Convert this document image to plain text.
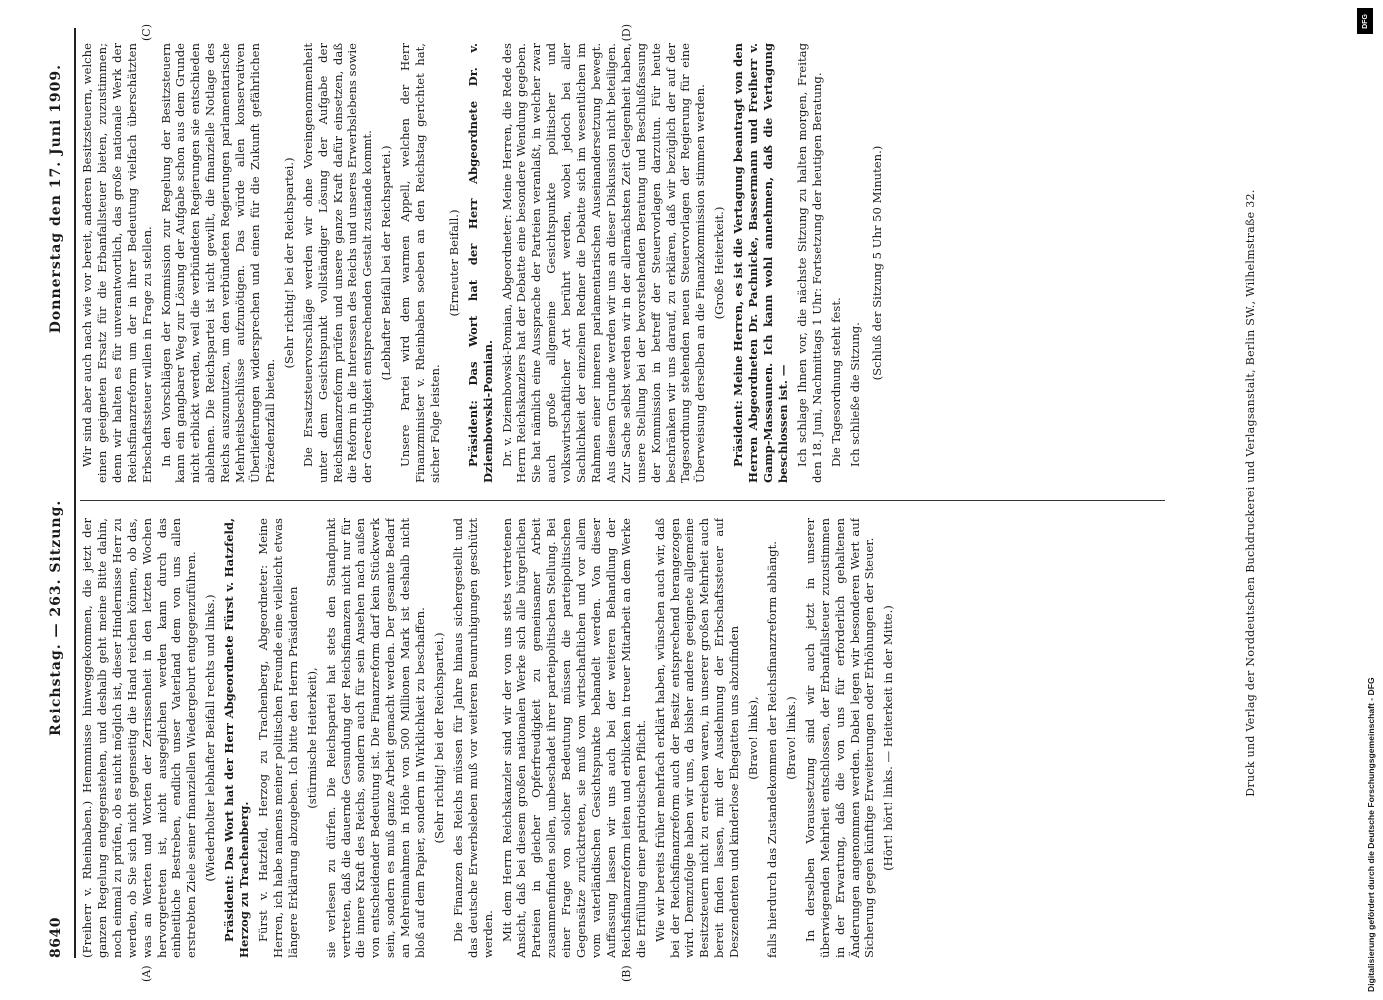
8640
Reichstag. — 263. Sitzung.
Donnerstag den 17. Juni 1909.
(A)	(B)

(Freiherr v. Rheinbaben.) Hemmnisse hinweggekommen, die jetzt der ganzen Regelung entgegenstehen, und deshalb geht meine Bitte dahin, noch einmal zu prüfen, ob es nicht möglich ist, dieser Hindernisse Herr zu werden, ob Sie sich nicht gegenseitig die Hand reichen können, ob das, was an Werten und Worten der Zerrissenheit in den letzten Wochen hervorgetreten ist, nicht ausgeglichen werden kann durch das einheitliche Bestreben, endlich unser Vaterland dem von uns allen erstrebten Ziele seiner finanziellen Wiedergeburt entgegenzuführen. (Wiederholter lebhafter Beifall rechts und links.) Präsident: Das Wort hat der Herr Abgeordnete Fürst v. Hatzfeld, Herzog zu Trachenberg. Fürst v. Hatzfeld, Herzog zu Trachenberg, Abgeordneter: Meine Herren, ich habe namens meiner politischen Freunde eine vielleicht etwas längere Erklärung abzugeben. Ich bitte den Herrn Präsidenten (stürmische Heiterkeit), sie verlesen zu dürfen. Die Reichspartei hat stets den Standpunkt vertreten, daß die dauernde Gesundung der Reichsfinanzen nicht nur für die innere Kraft des Reichs, sondern auch für sein Ansehen nach außen von entscheidender Bedeutung ist. Die Finanzreform darf kein Stückwerk sein, sondern es muß ganze Arbeit gemacht werden. Der gesamte Bedarf an Mehreinnahmen in Höhe von 500 Millionen Mark ist deshalb nicht bloß auf dem Papier, sondern in Wirklichkeit zu beschaffen. (Sehr richtig! bei der Reichspartei.) Die Finanzen des Reichs müssen für Jahre hinaus sichergestellt und das deutsche Erwerbsleben muß vor weiteren Beunruhigungen geschützt werden. Mit dem Herrn Reichskanzler sind wir der von uns stets vertretenen Ansicht, daß bei diesem großen nationalen Werke sich alle bürgerlichen Parteien in gleicher Opferfreudigkeit zu gemeinsamer Arbeit zusammenfinden sollen, unbeschadet ihrer parteipolitischen Stellung. Bei einer Frage von solcher Bedeutung müssen die parteipolitischen Gegensätze zurücktreten, sie muß vom wirtschaftlichen und vor allem vom vaterländischen Gesichtspunkte behandelt werden. Von dieser Auffassung lassen wir uns auch bei der weiteren Behandlung der Reichsfinanzreform leiten und erblicken in treuer Mitarbeit an dem Werke die Erfüllung einer patriotischen Pflicht. Wie wir bereits früher mehrfach erklärt haben, wünschen auch wir, daß bei der Reichsfinanzreform auch der Besitz entsprechend herangezogen wird. Demzufolge haben wir uns, da bisher andere geeignete allgemeine Besitzsteuern nicht zu erreichen waren, in unserer großen Mehrheit auch bereit finden lassen, mit der Ausdehnung der Erbschaftssteuer auf Deszendenten und kinderlose Ehegatten uns abzufinden (Bravo! links), falls hierdurch das Zustandekommen der Reichsfinanzreform abhängt. (Bravo! links.) In derselben Voraussetzung sind wir auch jetzt in unserer überwiegenden Mehrheit entschlossen, der Erbanfallsteuer zuzustimmen in der Erwartung, daß die von uns für erforderlich gehaltenen Änderungen angenommen werden. Dabei legen wir besonderen Wert auf Sicherung gegen künftige Erweiterungen oder Erhöhungen der Steuer. (Hört! hört! links. — Heiterkeit in der Mitte.)

Wir sind aber auch nach wie vor bereit, anderen Besitzsteuern, welche einen geeigneten Ersatz für die Erbanfallsteuer bieten, zuzustimmen; denn wir halten es für unverantwortlich, das große nationale Werk der Reichsfinanzreform um der in ihrer Bedeutung vielfach überschätzten Erbschaftssteuer willen in Frage zu stellen. In den Vorschlägen der Kommission zur Regelung der Besitzsteuern kann ein gangbarer Weg zur Lösung der Aufgabe schon aus dem Grunde nicht erblickt werden, weil die verbündeten Regierungen sie entschieden ablehnen. Die Reichspartei ist nicht gewillt, die finanzielle Notlage des Reichs auszunutzen, um den verbündeten Regierungen parlamentarische Mehrheitsbeschlüsse aufzunötigen. Das würde allen konservativen Überlieferungen widersprechen und einen für die Zukunft gefährlichen Präzedenzfall bieten.

(Sehr richtig! bei der Reichspartei.) Die Ersatzsteuervorschläge werden wir ohne Voreingenommenheit unter dem Gesichtspunkt vollständiger Lösung der Aufgabe der Reichsfinanzreform prüfen und unsere ganze Kraft dafür einsetzen, daß die Reform in die Interessen des Reichs und unseres Erwerbslebens sowie der Gerechtigkeit entsprechenden Gestalt zustande kommt. (Lebhafter Beifall bei der Reichspartei.) Unsere Partei wird dem warmen Appell, welchen der Herr Finanzminister v. Rheinbaben soeben an den Reichstag gerichtet hat, sicher Folge leisten.

(Erneuter Beifall.) Präsident: Das Wort hat der Herr Abgeordnete Dr. v. Dziembowski-Pomian. Dr. v. Dziembowski-Pomian, Abgeordneter: Meine Herren, die Rede des Herrn Reichskanzlers hat der Debatte eine besondere Wendung gegeben. Sie hat nämlich eine Aussprache der Parteien veranlaßt, in welcher zwar auch große allgemeine Gesichtspunkte politischer und volkswirtschaftlicher Art berührt werden, wobei jedoch bei aller Sachlichkeit der einzelnen Redner die Debatte sich im wesentlichen im Rahmen einer inneren parlamentarischen Auseinandersetzung bewegt. Aus diesem Grunde werden wir uns an dieser Diskussion nicht beteiligen. Zur Sache selbst werden wir in der allernächsten Zeit Gelegenheit haben, unsere Stellung bei der bevorstehenden Beratung und Beschlußfassung der Kommission in betreff der Steuervorlagen darzutun. Für heute beschränken wir uns darauf, zu erklären, daß wir bezüglich der auf der Tagesordnung stehenden neuen Steuervorlagen der Regierung für eine Überweisung derselben an die Finanzkommission stimmen werden. (Große Heiterkeit.) Präsident: Meine Herren, es ist die Vertagung beantragt von den Herren Abgeordneten Dr. Pachnicke, Bassermann und Freiherr v. Gamp-Massaunen. Ich kann wohl annehmen, daß die Vertagung beschlossen ist. — Ich schlage Ihnen vor, die nächste Sitzung zu halten morgen, Freitag den 18. Juni, Nachmittags 1 Uhr: Fortsetzung der heutigen Beratung. Die Tagesordnung steht fest. Ich schließe die Sitzung.

(Schluß der Sitzung 5 Uhr 50 Minuten.)

(C)	(D)
Druck und Verlag der Norddeutschen Buchdruckerei und Verlagsanstalt, Berlin SW., Wilhelmstraße 32.
DFG
Digitalisierung gefördert durch die Deutsche Forschungsgemeinschaft - DFG
